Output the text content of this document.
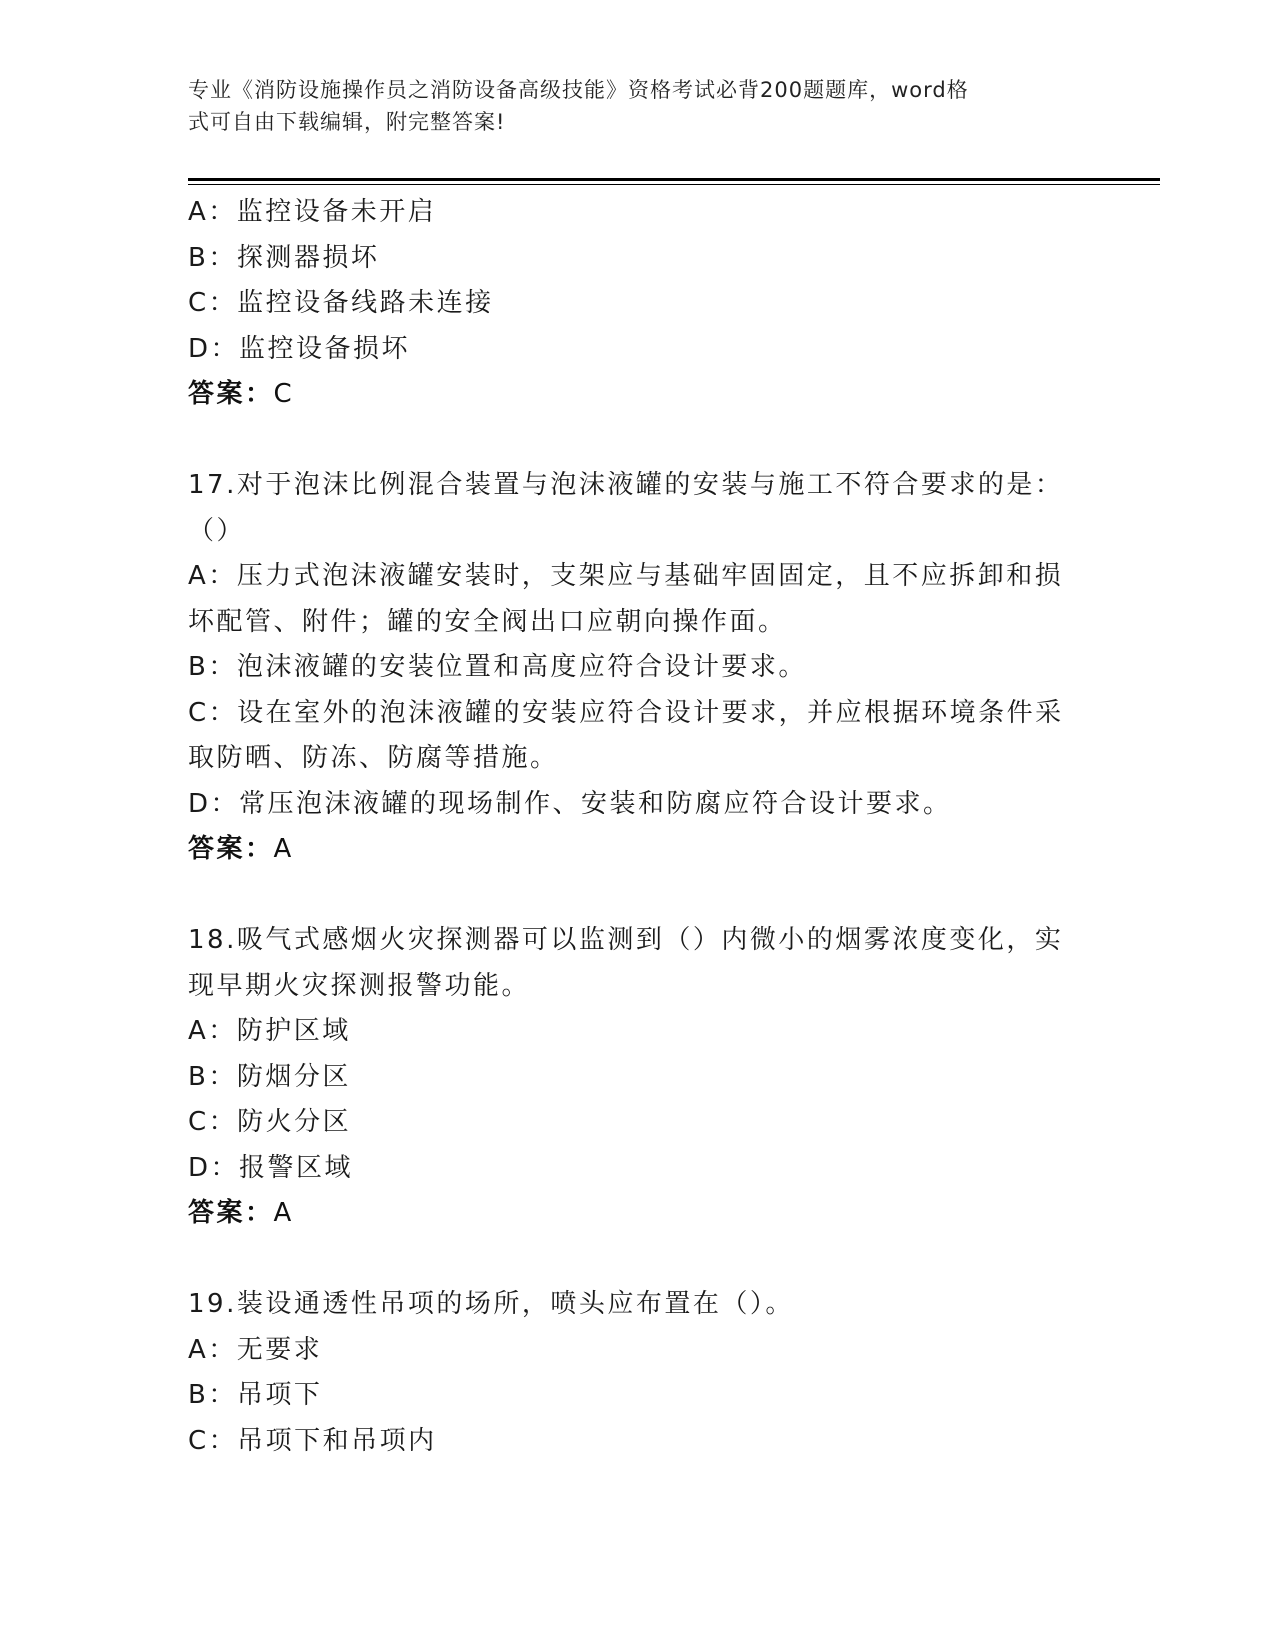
专业《消防设施操作员之消防设备高级技能》资格考试必背200题题库，word格
式可自由下载编辑，附完整答案!
A：监控设备未开启
B：探测器损坏
C：监控设备线路未连接
D：监控设备损坏
答案：C
17.对于泡沫比例混合装置与泡沫液罐的安装与施工不符合要求的是：
（）
A：压力式泡沫液罐安装时，支架应与基础牢固固定，且不应拆卸和损
坏配管、附件；罐的安全阀出口应朝向操作面。
B：泡沫液罐的安装位置和高度应符合设计要求。
C：设在室外的泡沫液罐的安装应符合设计要求，并应根据环境条件采
取防晒、防冻、防腐等措施。
D：常压泡沫液罐的现场制作、安装和防腐应符合设计要求。
答案：A
18.吸气式感烟火灾探测器可以监测到（）内微小的烟雾浓度变化，实
现早期火灾探测报警功能。
A：防护区域
B：防烟分区
C：防火分区
D：报警区域
答案：A
19.装设通透性吊项的场所，喷头应布置在（）。
A：无要求
B：吊项下
C：吊项下和吊项内
